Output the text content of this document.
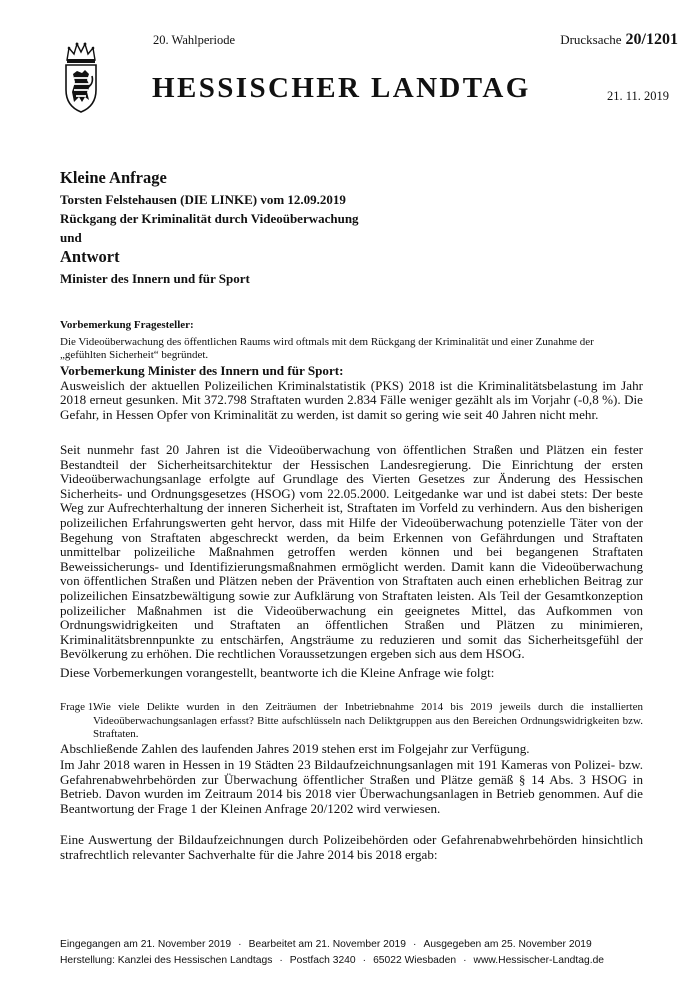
20. Wahlperiode	Drucksache 20/1201
HESSISCHER LANDTAG	21. 11. 2019
Kleine Anfrage
Torsten Felstehausen (DIE LINKE) vom 12.09.2019
Rückgang der Kriminalität durch Videoüberwachung
und
Antwort
Minister des Innern und für Sport
Vorbemerkung Fragesteller:
Die Videoüberwachung des öffentlichen Raums wird oftmals mit dem Rückgang der Kriminalität und einer Zunahme der „gefühlten Sicherheit“ begründet.
Vorbemerkung Minister des Innern und für Sport:
Ausweislich der aktuellen Polizeilichen Kriminalstatistik (PKS) 2018 ist die Kriminalitätsbelastung im Jahr 2018 erneut gesunken. Mit 372.798 Straftaten wurden 2.834 Fälle weniger gezählt als im Vorjahr (-0,8 %). Die Gefahr, in Hessen Opfer von Kriminalität zu werden, ist damit so gering wie seit 40 Jahren nicht mehr.
Seit nunmehr fast 20 Jahren ist die Videoüberwachung von öffentlichen Straßen und Plätzen ein fester Bestandteil der Sicherheitsarchitektur der Hessischen Landesregierung. Die Einrichtung der ersten Videoüberwachungsanlage erfolgte auf Grundlage des Vierten Gesetzes zur Änderung des Hessischen Sicherheits- und Ordnungsgesetzes (HSOG) vom 22.05.2000. Leitgedanke war und ist dabei stets: Der beste Weg zur Aufrechterhaltung der inneren Sicherheit ist, Straftaten im Vorfeld zu verhindern. Aus den bisherigen polizeilichen Erfahrungswerten geht hervor, dass mit Hilfe der Videoüberwachung potenzielle Täter von der Begehung von Straftaten abgeschreckt werden, da beim Erkennen von Gefährdungen und Straftaten unmittelbar polizeiliche Maßnahmen getroffen werden können und bei begangenen Straftaten Beweissicherungs- und Identifizierungsmaßnahmen ermöglicht werden. Damit kann die Videoüberwachung von öffentlichen Straßen und Plätzen neben der Prävention von Straftaten auch einen erheblichen Beitrag zur polizeilichen Einsatzbewältigung sowie zur Aufklärung von Straftaten leisten. Als Teil der Gesamtkonzeption polizeilicher Maßnahmen ist die Videoüberwachung ein geeignetes Mittel, das Aufkommen von Ordnungswidrigkeiten und Straftaten an öffentlichen Straßen und Plätzen zu minimieren, Kriminalitätsbrennpunkte zu entschärfen, Angsträume zu reduzieren und somit das Sicherheitsgefühl der Bevölkerung zu erhöhen. Die rechtlichen Voraussetzungen ergeben sich aus dem HSOG.
Diese Vorbemerkungen vorangestellt, beantworte ich die Kleine Anfrage wie folgt:
Frage 1.
Wie viele Delikte wurden in den Zeiträumen der Inbetriebnahme 2014 bis 2019 jeweils durch die installierten Videoüberwachungsanlagen erfasst? Bitte aufschlüsseln nach Deliktgruppen aus den Bereichen Ordnungswidrigkeiten bzw. Straftaten.
Abschließende Zahlen des laufenden Jahres 2019 stehen erst im Folgejahr zur Verfügung.
Im Jahr 2018 waren in Hessen in 19 Städten 23 Bildaufzeichnungsanlagen mit 191 Kameras von Polizei- bzw. Gefahrenabwehrbehörden zur Überwachung öffentlicher Straßen und Plätze gemäß § 14 Abs. 3 HSOG in Betrieb. Davon wurden im Zeitraum 2014 bis 2018 vier Überwachungsanlagen in Betrieb genommen. Auf die Beantwortung der Frage 1 der Kleinen Anfrage 20/1202 wird verwiesen.
Eine Auswertung der Bildaufzeichnungen durch Polizeibehörden oder Gefahrenabwehrbehörden hinsichtlich strafrechtlich relevanter Sachverhalte für die Jahre 2014 bis 2018 ergab:
Eingegangen am 21. November 2019 · Bearbeitet am 21. November 2019 · Ausgegeben am 25. November 2019
Herstellung: Kanzlei des Hessischen Landtags · Postfach 3240 · 65022 Wiesbaden · www.Hessischer-Landtag.de
